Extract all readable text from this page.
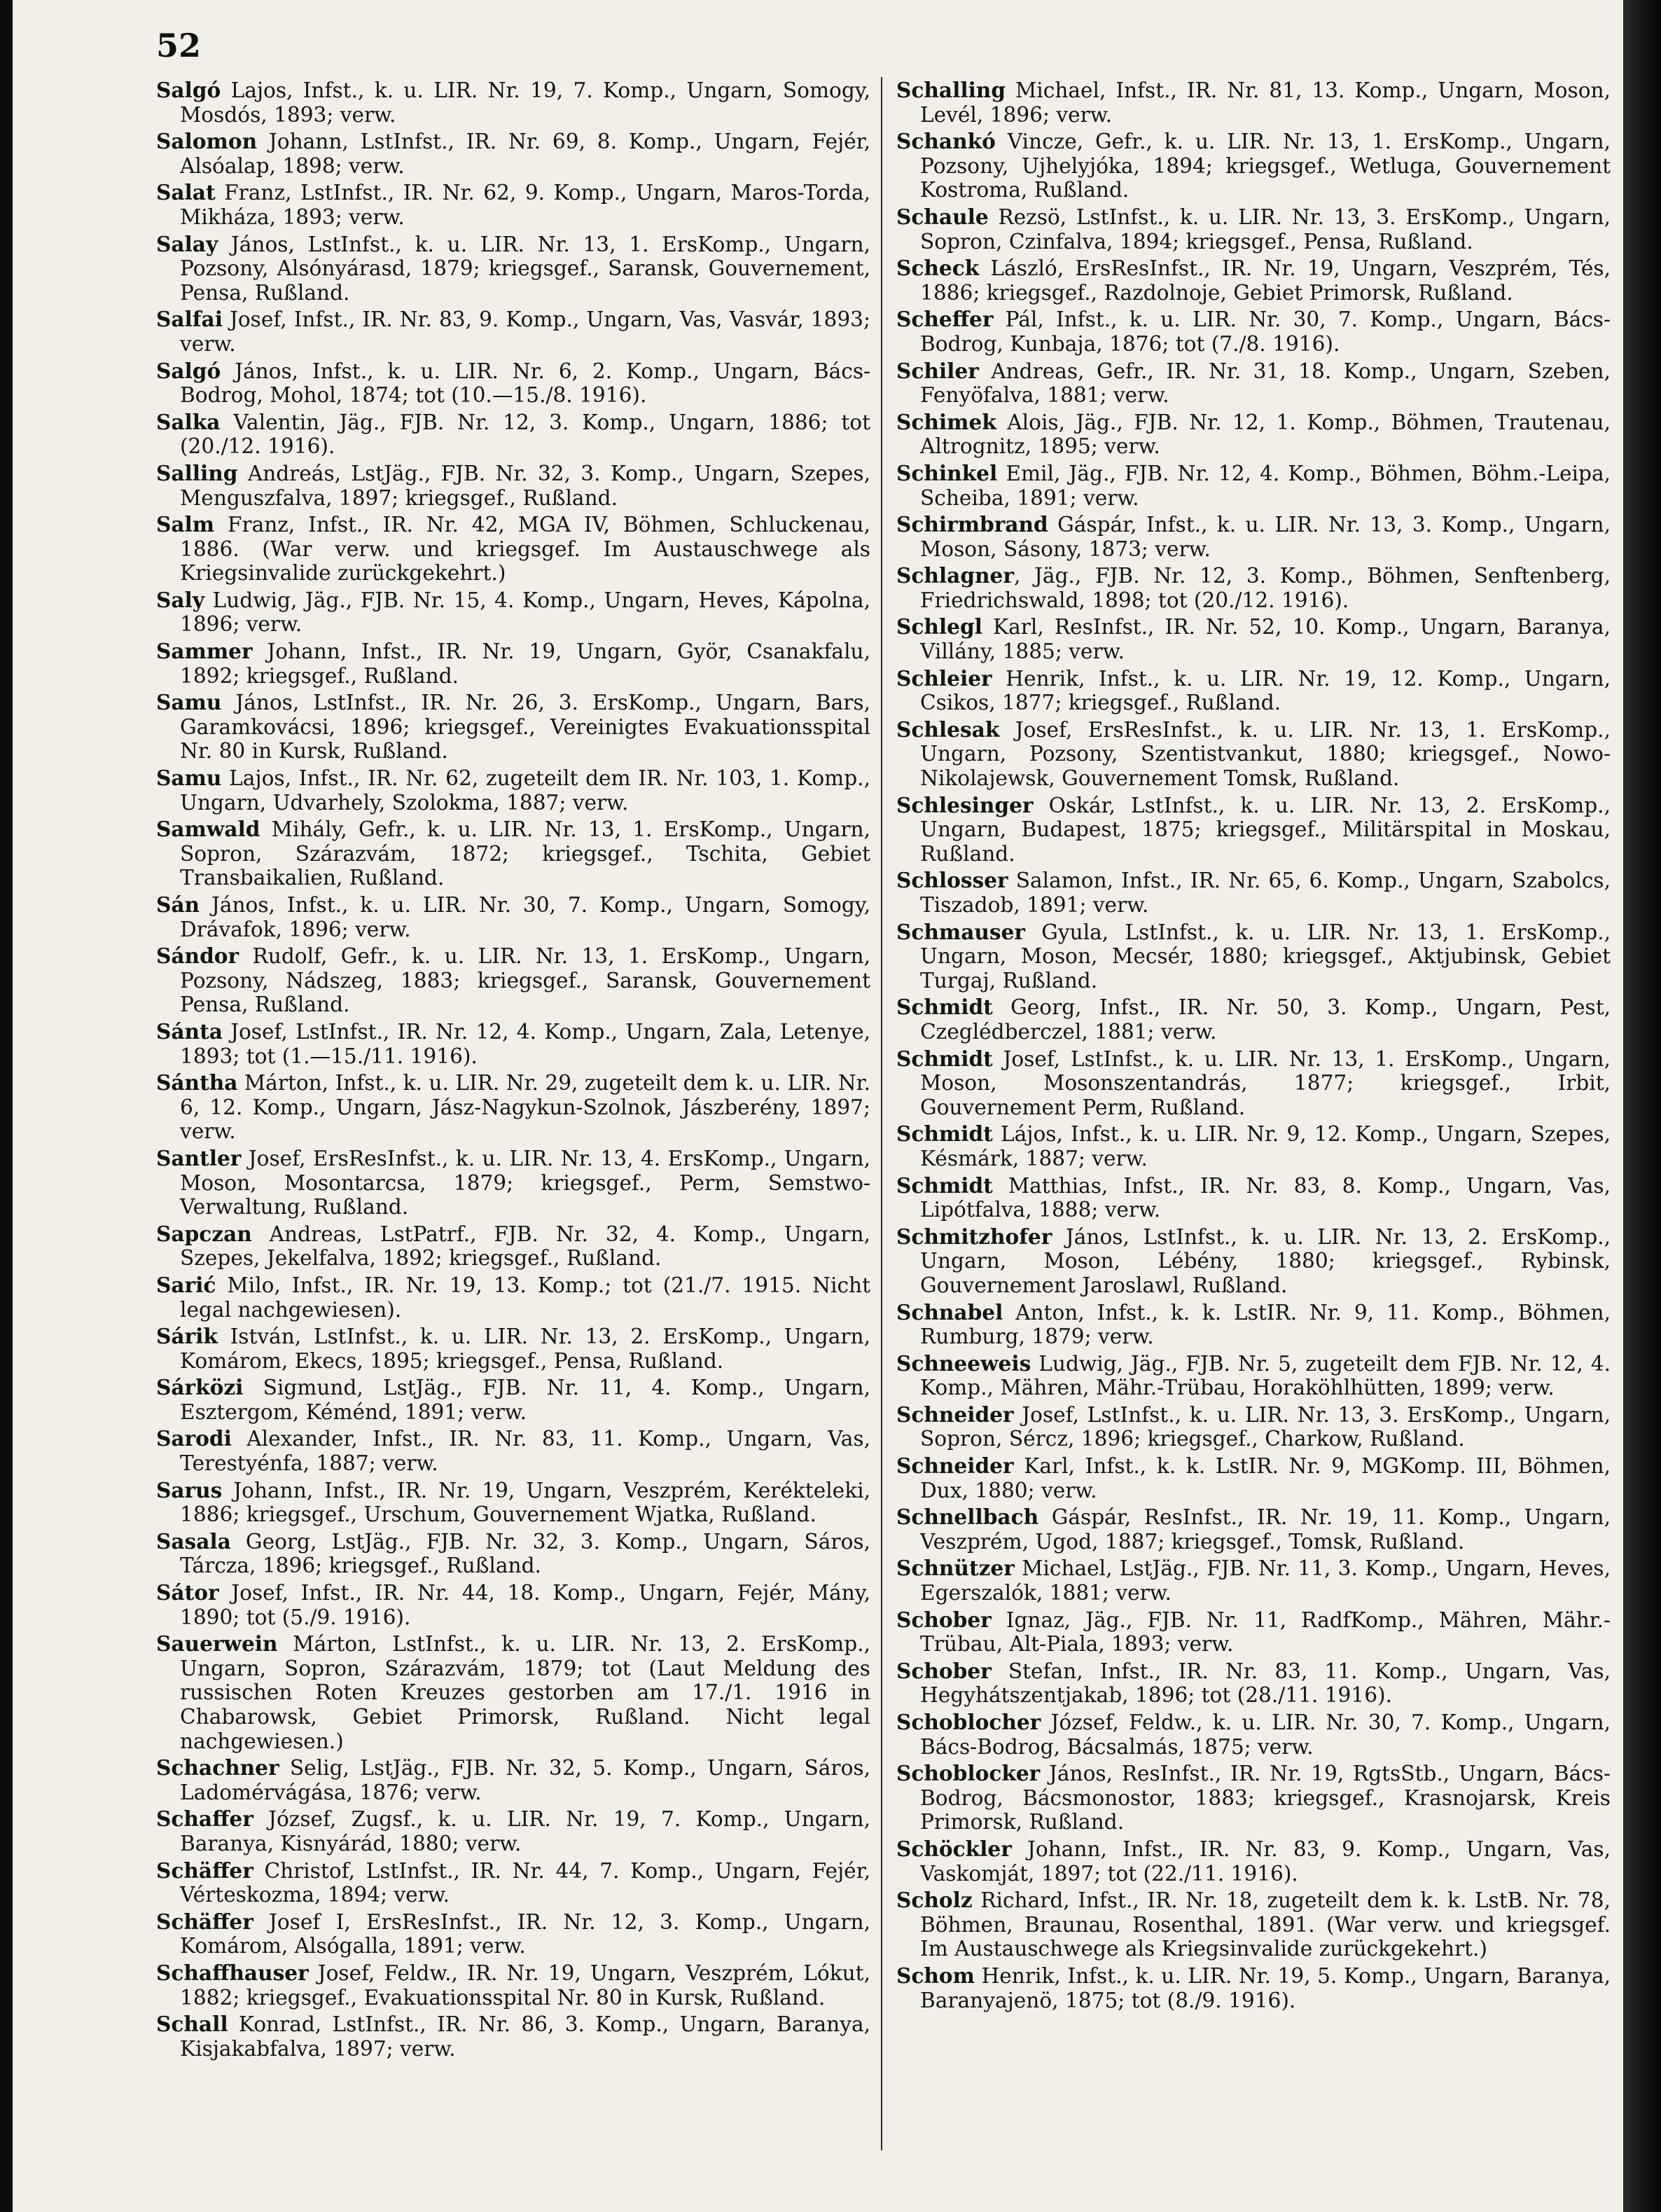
52

Salgó Lajos, Infst., k. u. LIR. Nr. 19, 7. Komp., Ungarn, Somogy, Mosdós, 1893; verw.

Salomon Johann, LstInfst., IR. Nr. 69, 8. Komp., Ungarn, Fejér, Alsóalap, 1898; verw.

Salat Franz, LstInfst., IR. Nr. 62, 9. Komp., Ungarn, Maros-Torda, Mikháza, 1893; verw.

Salay János, LstInfst., k. u. LIR. Nr. 13, 1. ErsKomp., Ungarn, Pozsony, Alsónyárasd, 1879; kriegsgef., Saransk, Gouvernement, Pensa, Rußland.

Salfai Josef, Infst., IR. Nr. 83, 9. Komp., Ungarn, Vas, Vasvár, 1893; verw.

Salgó János, Infst., k. u. LIR. Nr. 6, 2. Komp., Ungarn, Bács-Bodrog, Mohol, 1874; tot (10.—15./8. 1916).

Salka Valentin, Jäg., FJB. Nr. 12, 3. Komp., Ungarn, 1886; tot (20./12. 1916).

Salling Andreás, LstJäg., FJB. Nr. 32, 3. Komp., Ungarn, Szepes, Menguszfalva, 1897; kriegsgef., Rußland.

Salm Franz, Infst., IR. Nr. 42, MGA IV, Böhmen, Schluckenau, 1886. (War verw. und kriegsgef. Im Austauschwege als Kriegsinvalide zurückgekehrt.)

Saly Ludwig, Jäg., FJB. Nr. 15, 4. Komp., Ungarn, Heves, Kápolna, 1896; verw.

Sammer Johann, Infst., IR. Nr. 19, Ungarn, Györ, Csanakfalu, 1892; kriegsgef., Rußland.

Samu János, LstInfst., IR. Nr. 26, 3. ErsKomp., Ungarn, Bars, Garamkovácsi, 1896; kriegsgef., Vereinigtes Evakuationsspital Nr. 80 in Kursk, Rußland.

Samu Lajos, Infst., IR. Nr. 62, zugeteilt dem IR. Nr. 103, 1. Komp., Ungarn, Udvarhely, Szolokma, 1887; verw.

Samwald Mihály, Gefr., k. u. LIR. Nr. 13, 1. ErsKomp., Ungarn, Sopron, Szárazvám, 1872; kriegsgef., Tschita, Gebiet Transbaikalien, Rußland.

Sán János, Infst., k. u. LIR. Nr. 30, 7. Komp., Ungarn, Somogy, Drávafok, 1896; verw.

Sándor Rudolf, Gefr., k. u. LIR. Nr. 13, 1. ErsKomp., Ungarn, Pozsony, Nádszeg, 1883; kriegsgef., Saransk, Gouvernement Pensa, Rußland.

Sánta Josef, LstInfst., IR. Nr. 12, 4. Komp., Ungarn, Zala, Letenye, 1893; tot (1.—15./11. 1916).

Sántha Márton, Infst., k. u. LIR. Nr. 29, zugeteilt dem k. u. LIR. Nr. 6, 12. Komp., Ungarn, Jász-Nagykun-Szolnok, Jászberény, 1897; verw.

Santler Josef, ErsResInfst., k. u. LIR. Nr. 13, 4. ErsKomp., Ungarn, Moson, Mosontarcsa, 1879; kriegsgef., Perm, Semstwo-Verwaltung, Rußland.

Sapczan Andreas, LstPatrf., FJB. Nr. 32, 4. Komp., Ungarn, Szepes, Jekelfalva, 1892; kriegsgef., Rußland.

Sarić Milo, Infst., IR. Nr. 19, 13. Komp.; tot (21./7. 1915. Nicht legal nachgewiesen).

Sárik István, LstInfst., k. u. LIR. Nr. 13, 2. ErsKomp., Ungarn, Komárom, Ekecs, 1895; kriegsgef., Pensa, Rußland.

Sárközi Sigmund, LstJäg., FJB. Nr. 11, 4. Komp., Ungarn, Esztergom, Kéménd, 1891; verw.

Sarodi Alexander, Infst., IR. Nr. 83, 11. Komp., Ungarn, Vas, Terestyénfa, 1887; verw.

Sarus Johann, Infst., IR. Nr. 19, Ungarn, Veszprém, Kerékteleki, 1886; kriegsgef., Urschum, Gouvernement Wjatka, Rußland.

Sasala Georg, LstJäg., FJB. Nr. 32, 3. Komp., Ungarn, Sáros, Tárcza, 1896; kriegsgef., Rußland.

Sátor Josef, Infst., IR. Nr. 44, 18. Komp., Ungarn, Fejér, Mány, 1890; tot (5./9. 1916).

Sauerwein Márton, LstInfst., k. u. LIR. Nr. 13, 2. ErsKomp., Ungarn, Sopron, Szárazvám, 1879; tot (Laut Meldung des russischen Roten Kreuzes gestorben am 17./1. 1916 in Chabarowsk, Gebiet Primorsk, Rußland. Nicht legal nachgewiesen.)

Schachner Selig, LstJäg., FJB. Nr. 32, 5. Komp., Ungarn, Sáros, Ladomérvágása, 1876; verw.

Schaffer József, Zugsf., k. u. LIR. Nr. 19, 7. Komp., Ungarn, Baranya, Kisnyárád, 1880; verw.

Schäffer Christof, LstInfst., IR. Nr. 44, 7. Komp., Ungarn, Fejér, Vérteskozma, 1894; verw.

Schäffer Josef I, ErsResInfst., IR. Nr. 12, 3. Komp., Ungarn, Komárom, Alsógalla, 1891; verw.

Schaffhauser Josef, Feldw., IR. Nr. 19, Ungarn, Veszprém, Lókut, 1882; kriegsgef., Evakuationsspital Nr. 80 in Kursk, Rußland.

Schall Konrad, LstInfst., IR. Nr. 86, 3. Komp., Ungarn, Baranya, Kisjakabfalva, 1897; verw.

Schalling Michael, Infst., IR. Nr. 81, 13. Komp., Ungarn, Moson, Levél, 1896; verw.

Schankó Vincze, Gefr., k. u. LIR. Nr. 13, 1. ErsKomp., Ungarn, Pozsony, Ujhelyjóka, 1894; kriegsgef., Wetluga, Gouvernement Kostroma, Rußland.

Schaule Rezsö, LstInfst., k. u. LIR. Nr. 13, 3. ErsKomp., Ungarn, Sopron, Czinfalva, 1894; kriegsgef., Pensa, Rußland.

Scheck László, ErsResInfst., IR. Nr. 19, Ungarn, Veszprém, Tés, 1886; kriegsgef., Razdolnoje, Gebiet Primorsk, Rußland.

Scheffer Pál, Infst., k. u. LIR. Nr. 30, 7. Komp., Ungarn, Bács-Bodrog, Kunbaja, 1876; tot (7./8. 1916).

Schiler Andreas, Gefr., IR. Nr. 31, 18. Komp., Ungarn, Szeben, Fenyöfalva, 1881; verw.

Schimek Alois, Jäg., FJB. Nr. 12, 1. Komp., Böhmen, Trautenau, Altrognitz, 1895; verw.

Schinkel Emil, Jäg., FJB. Nr. 12, 4. Komp., Böhmen, Böhm.-Leipa, Scheiba, 1891; verw.

Schirmbrand Gáspár, Infst., k. u. LIR. Nr. 13, 3. Komp., Ungarn, Moson, Sásony, 1873; verw.

Schlagner, Jäg., FJB. Nr. 12, 3. Komp., Böhmen, Senftenberg, Friedrichswald, 1898; tot (20./12. 1916).

Schlegl Karl, ResInfst., IR. Nr. 52, 10. Komp., Ungarn, Baranya, Villány, 1885; verw.

Schleier Henrik, Infst., k. u. LIR. Nr. 19, 12. Komp., Ungarn, Csikos, 1877; kriegsgef., Rußland.

Schlesak Josef, ErsResInfst., k. u. LIR. Nr. 13, 1. ErsKomp., Ungarn, Pozsony, Szentistvankut, 1880; kriegsgef., Nowo-Nikolajewsk, Gouvernement Tomsk, Rußland.

Schlesinger Oskár, LstInfst., k. u. LIR. Nr. 13, 2. ErsKomp., Ungarn, Budapest, 1875; kriegsgef., Militärspital in Moskau, Rußland.

Schlosser Salamon, Infst., IR. Nr. 65, 6. Komp., Ungarn, Szabolcs, Tiszadob, 1891; verw.

Schmauser Gyula, LstInfst., k. u. LIR. Nr. 13, 1. ErsKomp., Ungarn, Moson, Mecsér, 1880; kriegsgef., Aktjubinsk, Gebiet Turgaj, Rußland.

Schmidt Georg, Infst., IR. Nr. 50, 3. Komp., Ungarn, Pest, Czeglédberczel, 1881; verw.

Schmidt Josef, LstInfst., k. u. LIR. Nr. 13, 1. ErsKomp., Ungarn, Moson, Mosonszentandrás, 1877; kriegsgef., Irbit, Gouvernement Perm, Rußland.

Schmidt Lájos, Infst., k. u. LIR. Nr. 9, 12. Komp., Ungarn, Szepes, Késmárk, 1887; verw.

Schmidt Matthias, Infst., IR. Nr. 83, 8. Komp., Ungarn, Vas, Lipótfalva, 1888; verw.

Schmitzhofer János, LstInfst., k. u. LIR. Nr. 13, 2. ErsKomp., Ungarn, Moson, Lébény, 1880; kriegsgef., Rybinsk, Gouvernement Jaroslawl, Rußland.

Schnabel Anton, Infst., k. k. LstIR. Nr. 9, 11. Komp., Böhmen, Rumburg, 1879; verw.

Schneeweis Ludwig, Jäg., FJB. Nr. 5, zugeteilt dem FJB. Nr. 12, 4. Komp., Mähren, Mähr.-Trübau, Horaköhlhütten, 1899; verw.

Schneider Josef, LstInfst., k. u. LIR. Nr. 13, 3. ErsKomp., Ungarn, Sopron, Sércz, 1896; kriegsgef., Charkow, Rußland.

Schneider Karl, Infst., k. k. LstIR. Nr. 9, MGKomp. III, Böhmen, Dux, 1880; verw.

Schnellbach Gáspár, ResInfst., IR. Nr. 19, 11. Komp., Ungarn, Veszprém, Ugod, 1887; kriegsgef., Tomsk, Rußland.

Schnützer Michael, LstJäg., FJB. Nr. 11, 3. Komp., Ungarn, Heves, Egerszalók, 1881; verw.

Schober Ignaz, Jäg., FJB. Nr. 11, RadfKomp., Mähren, Mähr.-Trübau, Alt-Piala, 1893; verw.

Schober Stefan, Infst., IR. Nr. 83, 11. Komp., Ungarn, Vas, Hegyhátszentjakab, 1896; tot (28./11. 1916).

Schoblocher József, Feldw., k. u. LIR. Nr. 30, 7. Komp., Ungarn, Bács-Bodrog, Bácsalmás, 1875; verw.

Schoblocker János, ResInfst., IR. Nr. 19, RgtsStb., Ungarn, Bács-Bodrog, Bácsmonostor, 1883; kriegsgef., Krasnojarsk, Kreis Primorsk, Rußland.

Schöckler Johann, Infst., IR. Nr. 83, 9. Komp., Ungarn, Vas, Vaskomját, 1897; tot (22./11. 1916).

Scholz Richard, Infst., IR. Nr. 18, zugeteilt dem k. k. LstB. Nr. 78, Böhmen, Braunau, Rosenthal, 1891. (War verw. und kriegsgef. Im Austauschwege als Kriegsinvalide zurückgekehrt.)

Schom Henrik, Infst., k. u. LIR. Nr. 19, 5. Komp., Ungarn, Baranya, Baranyajenö, 1875; tot (8./9. 1916).
